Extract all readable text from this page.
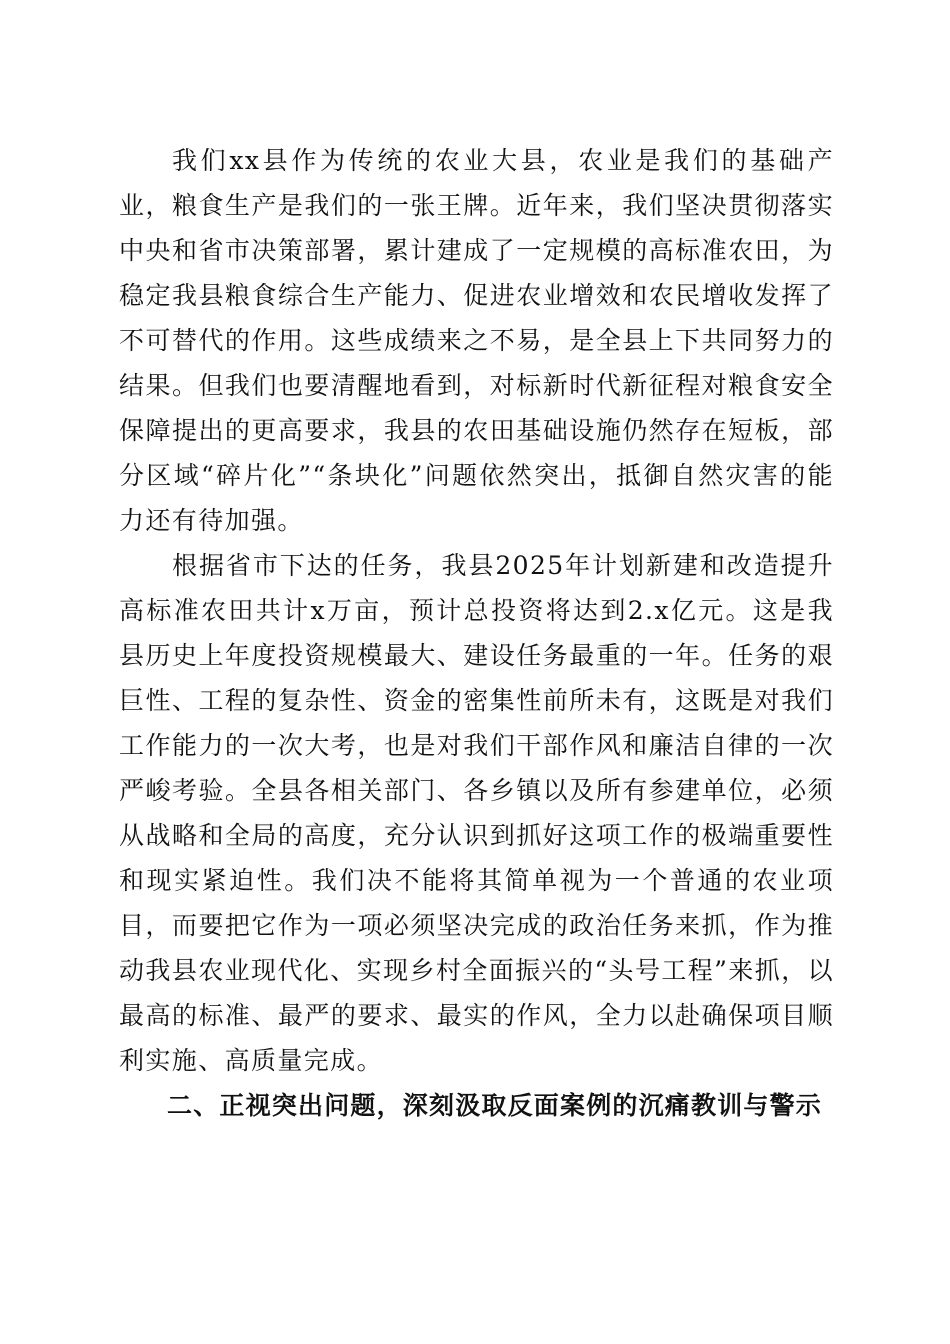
我们xx县作为传统的农业大县，农业是我们的基础产业，粮食生产是我们的一张王牌。近年来，我们坚决贯彻落实中央和省市决策部署，累计建成了一定规模的高标准农田，为稳定我县粮食综合生产能力、促进农业增效和农民增收发挥了不可替代的作用。这些成绩来之不易，是全县上下共同努力的结果。但我们也要清醒地看到，对标新时代新征程对粮食安全保障提出的更高要求，我县的农田基础设施仍然存在短板，部分区域“碎片化”“条块化”问题依然突出，抵御自然灾害的能力还有待加强。

根据省市下达的任务，我县2025年计划新建和改造提升高标准农田共计x万亩，预计总投资将达到2.x亿元。这是我县历史上年度投资规模最大、建设任务最重的一年。任务的艰巨性、工程的复杂性、资金的密集性前所未有，这既是对我们工作能力的一次大考，也是对我们干部作风和廉洁自律的一次严峻考验。全县各相关部门、各乡镇以及所有参建单位，必须从战略和全局的高度，充分认识到抓好这项工作的极端重要性和现实紧迫性。我们决不能将其简单视为一个普通的农业项目，而要把它作为一项必须坚决完成的政治任务来抓，作为推动我县农业现代化、实现乡村全面振兴的“头号工程”来抓，以最高的标准、最严的要求、最实的作风，全力以赴确保项目顺利实施、高质量完成。

二、正视突出问题，深刻汲取反面案例的沉痛教训与警示
